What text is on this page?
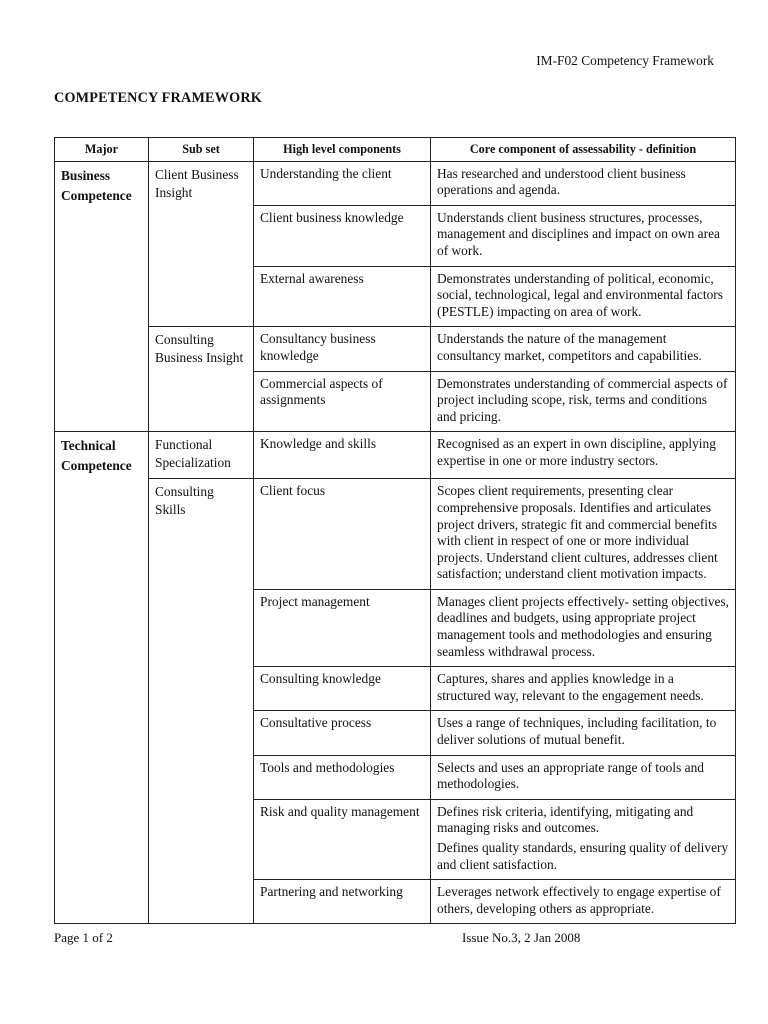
IM-F02 Competency Framework
COMPETENCY FRAMEWORK
Major	Sub set	High level components	Core component of assessability - definition
Business Competence	Client Business Insight	Understanding the client	Has researched and understood client business operations and agenda.

		Client business knowledge	Understands client business structures, processes, management and disciplines and impact on own area of work.

		External awareness	Demonstrates understanding of political, economic, social, technological, legal and environmental factors (PESTLE) impacting on area of work.

	Consulting Business Insight	Consultancy business knowledge	Understands the nature of the management consultancy market, competitors and capabilities.

		Commercial aspects of assignments	Demonstrates understanding of commercial aspects of project including scope, risk, terms and conditions and pricing.

Technical Competence	Functional Specialization	Knowledge and skills	Recognised as an expert in own discipline, applying expertise in one or more industry sectors.

	Consulting Skills	Client focus	Scopes client requirements, presenting clear comprehensive proposals. Identifies and articulates project drivers, strategic fit and commercial benefits with client in respect of one or more individual projects. Understand client cultures, addresses client satisfaction; understand client motivation impacts.

		Project management	Manages client projects effectively- setting objectives, deadlines and budgets, using appropriate project management tools and methodologies and ensuring seamless withdrawal process.

		Consulting knowledge	Captures, shares and applies knowledge in a structured way, relevant to the engagement needs.

		Consultative process	Uses a range of techniques, including facilitation, to deliver solutions of mutual benefit.

		Tools and methodologies	Selects and uses an appropriate range of tools and methodologies.

		Risk and quality management	Defines risk criteria, identifying, mitigating and managing risks and outcomes.

Defines quality standards, ensuring quality of delivery and client satisfaction.

		Partnering and networking	Leverages network effectively to engage expertise of others, developing others as appropriate.

Page 1 of 2	Issue No.3, 2 Jan 2008
